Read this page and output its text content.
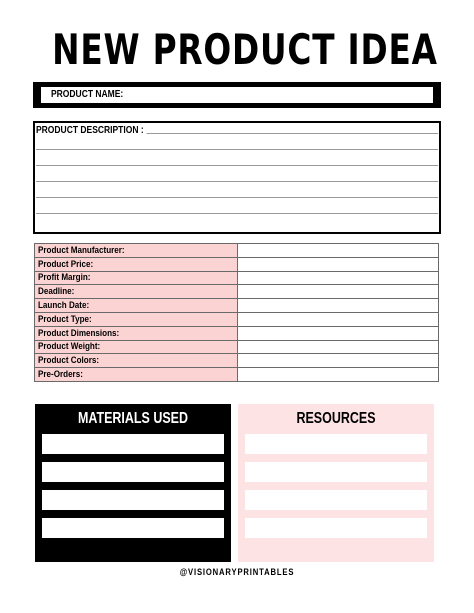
NEW PRODUCT IDEA
PRODUCT NAME:
PRODUCT DESCRIPTION :
Product Manufacturer:	
Product Price:	
Profit Margin:	
Deadline:	
Launch Date:	
Product Type:	
Product Dimensions:	
Product Weight:	
Product Colors:	
Pre-Orders:	
MATERIALS USED	RESOURCES
@VISIONARYPRINTABLES
